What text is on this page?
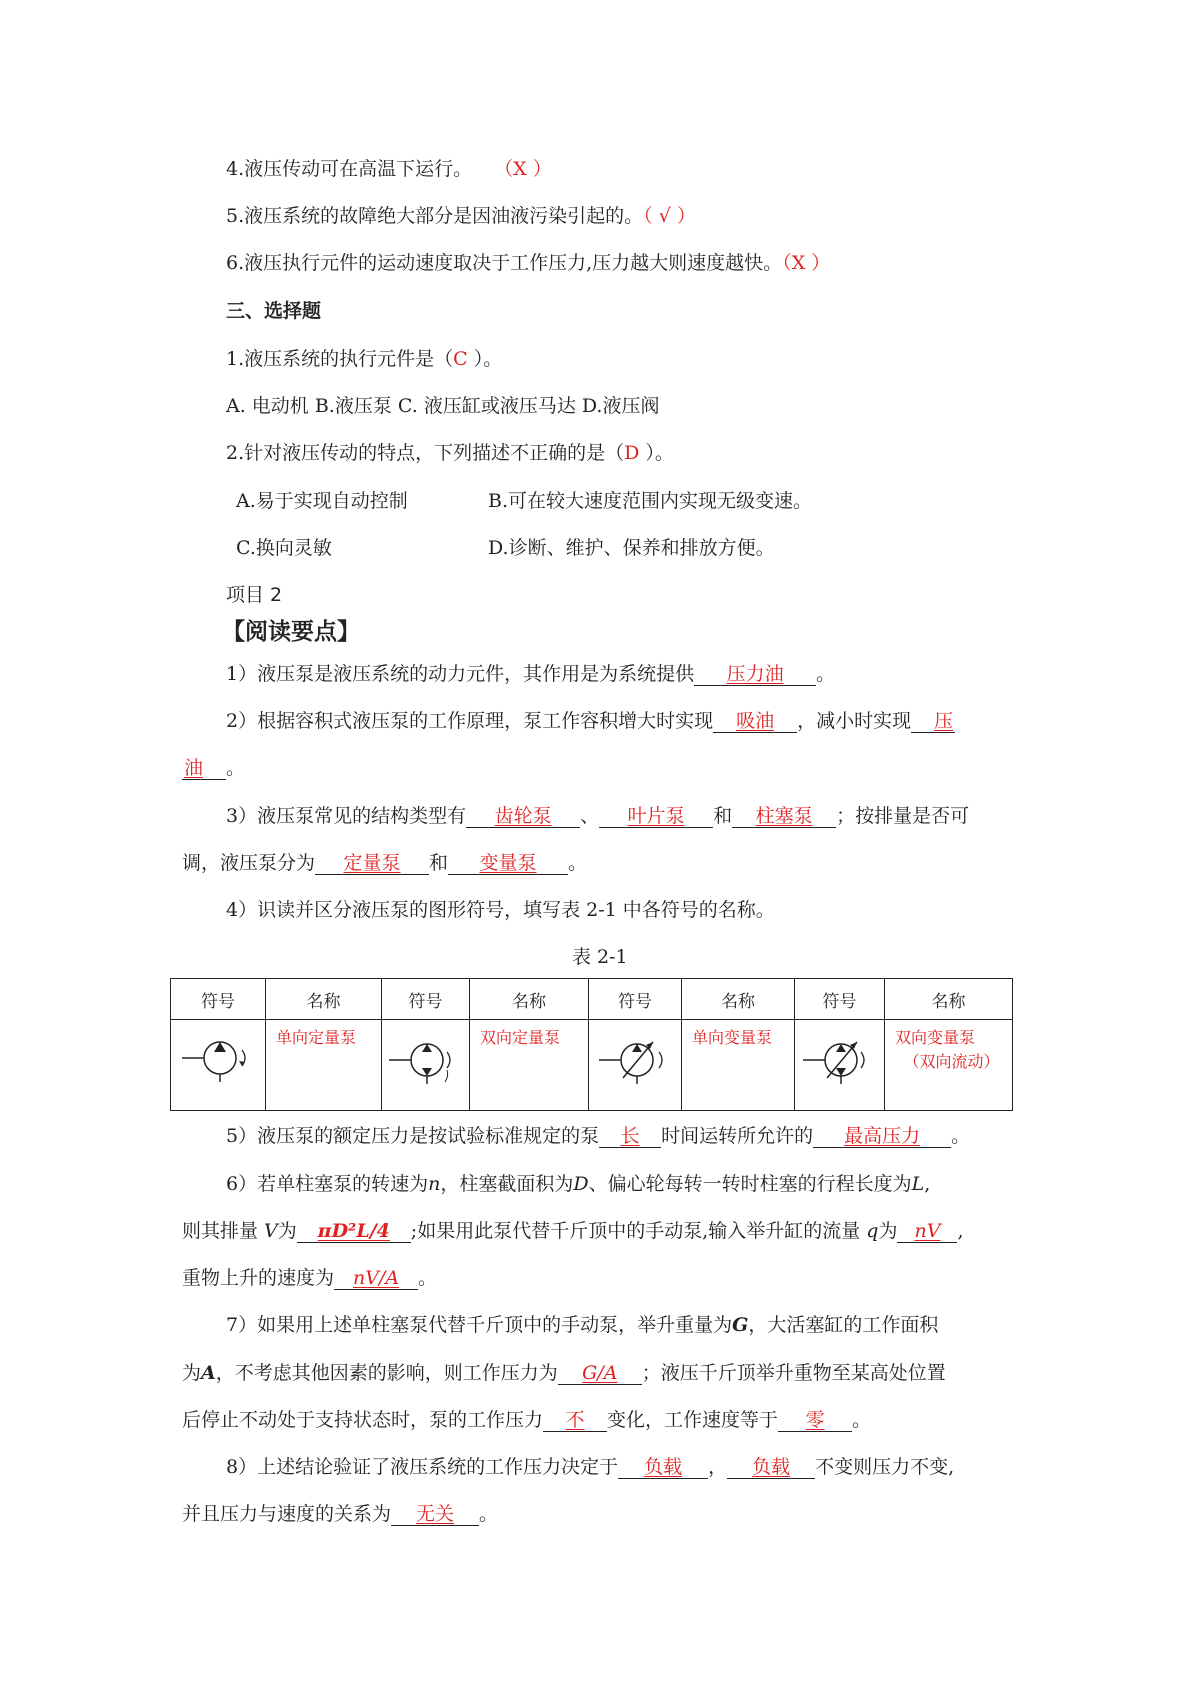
4.液压传动可在高温下运行。 （X ）
5.液压系统的故障绝大部分是因油液污染引起的。（ √ ）
6.液压执行元件的运动速度取决于工作压力,压力越大则速度越快。（X ）
三、选择题
1.液压系统的执行元件是（C ）。
A. 电动机 B.液压泵 C. 液压缸或液压马达 D.液压阀
2.针对液压传动的特点，下列描述不正确的是（D ）。
A.易于实现自动控制	B.可在较大速度范围内实现无级变速。
C.换向灵敏	D.诊断、维护、保养和排放方便。
项目 2
【阅读要点】
1）液压泵是液压系统的动力元件，其作用是为系统提供 压力油 。
2）根据容积式液压泵的工作原理，泵工作容积增大时实现 吸油 ，减小时实现 压
油 。
3）液压泵常见的结构类型有 齿轮泵 、 叶片泵 和 柱塞泵 ；按排量是否可
调，液压泵分为 定量泵 和 变量泵 。
4）识读并区分液压泵的图形符号，填写表 2-1 中各符号的名称。
表 2-1
符号	名称	符号	名称	符号	名称	符号	名称
	单向定量泵		双向定量泵		单向变量泵		双向变量泵
（双向流动）
5）液压泵的额定压力是按试验标准规定的泵 长 时间运转所允许的 最高压力 。
6）若单柱塞泵的转速为n，柱塞截面积为D、偏心轮每转一转时柱塞的行程长度为L,
则其排量 V为 πD²L/4 ;如果用此泵代替千斤顶中的手动泵,输入举升缸的流量 q为 nV ,
重物上升的速度为 nV/A 。
7）如果用上述单柱塞泵代替千斤顶中的手动泵，举升重量为G，大活塞缸的工作面积
为A，不考虑其他因素的影响，则工作压力为 G/A ；液压千斤顶举升重物至某高处位置
后停止不动处于支持状态时，泵的工作压力 不 变化，工作速度等于 零 。
8）上述结论验证了液压系统的工作压力决定于 负载 ， 负载 不变则压力不变,
并且压力与速度的关系为 无关 。
